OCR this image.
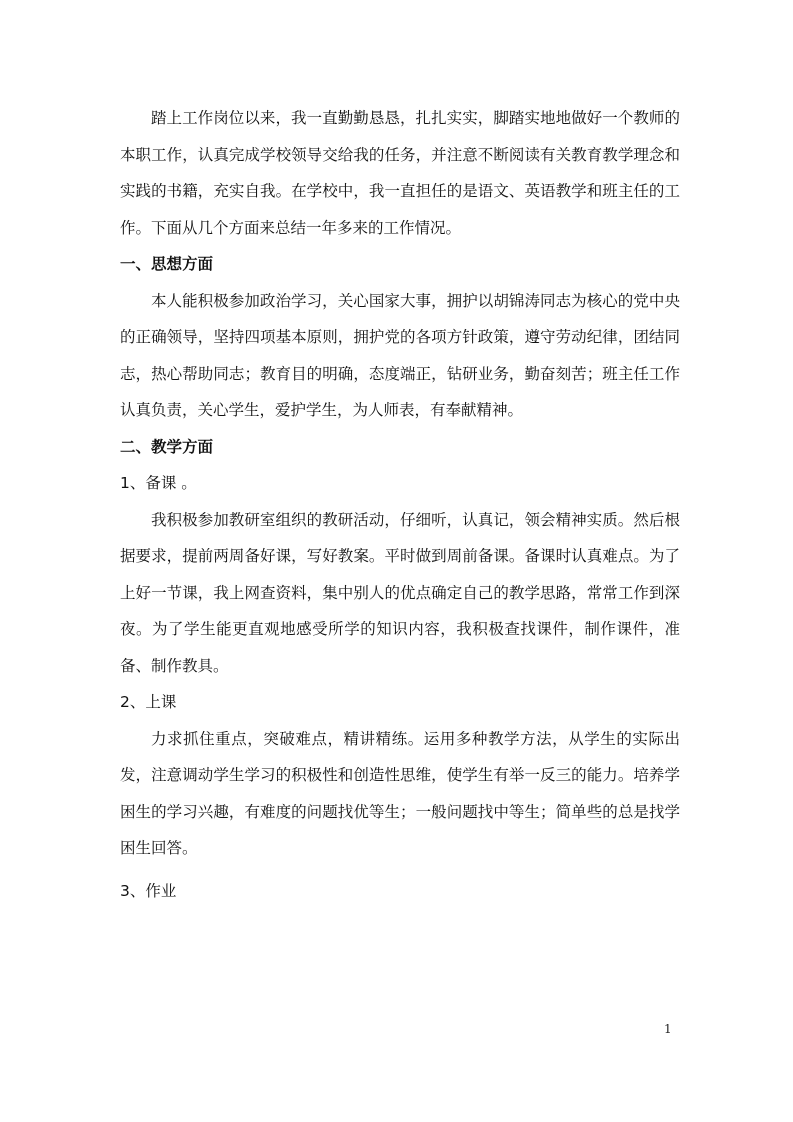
踏上工作岗位以来，我一直勤勤恳恳，扎扎实实，脚踏实地地做好一个教师的本职工作，认真完成学校领导交给我的任务，并注意不断阅读有关教育教学理念和实践的书籍，充实自我。在学校中，我一直担任的是语文、英语教学和班主任的工作。下面从几个方面来总结一年多来的工作情况。

一、思想方面

本人能积极参加政治学习，关心国家大事，拥护以胡锦涛同志为核心的党中央的正确领导，坚持四项基本原则，拥护党的各项方针政策，遵守劳动纪律，团结同志，热心帮助同志；教育目的明确，态度端正，钻研业务，勤奋刻苦；班主任工作认真负责，关心学生，爱护学生，为人师表，有奉献精神。

二、教学方面

1、备课 。

我积极参加教研室组织的教研活动，仔细听，认真记，领会精神实质。然后根据要求，提前两周备好课，写好教案。平时做到周前备课。备课时认真难点。为了上好一节课，我上网查资料，集中别人的优点确定自己的教学思路，常常工作到深夜。为了学生能更直观地感受所学的知识内容，我积极查找课件，制作课件，准备、制作教具。

2、上课

力求抓住重点，突破难点，精讲精练。运用多种教学方法，从学生的实际出发，注意调动学生学习的积极性和创造性思维，使学生有举一反三的能力。培养学困生的学习兴趣，有难度的问题找优等生；一般问题找中等生；简单些的总是找学困生回答。

3、作业

1
